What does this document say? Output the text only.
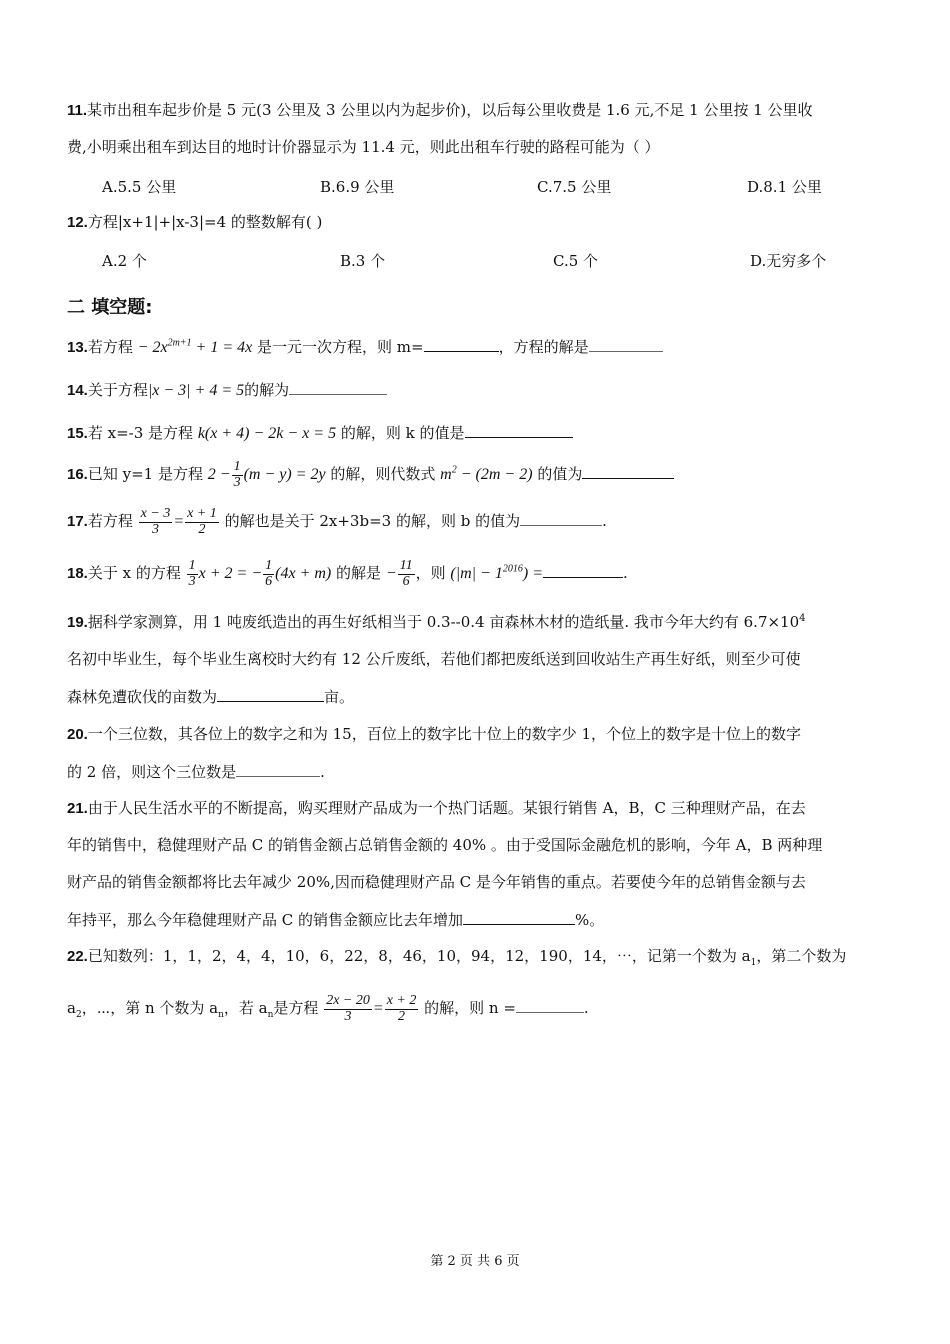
11.某市出租车起步价是 5 元(3 公里及 3 公里以内为起步价)，以后每公里收费是 1.6 元,不足 1 公里按 1 公里收
费,小明乘出租车到达目的地时计价器显示为 11.4 元，则此出租车行驶的路程可能为（ ）
A.5.5 公里	B.6.9 公里	C.7.5 公里	D.8.1 公里
12.方程|x+1|+|x-3|=4 的整数解有( )
A.2 个	B.3 个	C.5 个	D.无穷多个
二 填空题:
13.若方程 − $2x^{2m+1} + 1 = 4x$ 是一元一次方程，则 m=	，方程的解是
14.关于方程|x − 3| + 4 = 5的解为
15.若 x=-3 是方程 k(x + 4) − 2k − x = 5 的解，则 k 的值是
16.已知 y=1 是方程 $2 - \frac{1}{3} (m - y) = 2y$ 的解，则代数式 $m^2 - (2m - 2)$ 的值为
17.若方程 $\frac{x - 3}{3} = \frac{x + 1}{2}$ 的解也是关于 2x+3b=3 的解，则 b 的值为	.
18.关于 x 的方程 $\frac{1}{3}$ x + 2 = − $\frac{1}{6} (4x + m)$ 的解是 − $\frac{11}{6}$ ，则 $(|m| - 1^{2016})$ =	.
19.据科学家测算，用 1 吨废纸造出的再生好纸相当于 0.3--0.4 亩森林木材的造纸量. 我市今年大约有 $6.7\times 10^4$
名初中毕业生，每个毕业生离校时大约有 12 公斤废纸，若他们都把废纸送到回收站生产再生好纸，则至少可使
森林免遭砍伐的亩数为	亩。
20.一个三位数，其各位上的数字之和为 15，百位上的数字比十位上的数字少 1，个位上的数字是十位上的数字
的 2 倍，则这个三位数是	.
21.由于人民生活水平的不断提高，购买理财产品成为一个热门话题。某银行销售 A，B，C 三种理财产品，在去
年的销售中，稳健理财产品 C 的销售金额占总销售金额的 40% 。由于受国际金融危机的影响，今年 A，B 两种理
财产品的销售金额都将比去年减少 20%,因而稳健理财产品 C 是今年销售的重点。若要使今年的总销售金额与去
年持平，那么今年稳健理财产品 C 的销售金额应比去年增加	%。
22.已知数列：1，1，2，4，4，10，6，22，8，46，10，94，12，190，14，⋯，记第一个数为 $a_1$，第二个数为
$a_2$，⋯，第 n 个数为 $a_n$，若 $a_n$是方程 $\frac{2x - 20}{3} = \frac{x + 2}{2}$ 的解，则 n =	.
第 2 页 共 6 页
